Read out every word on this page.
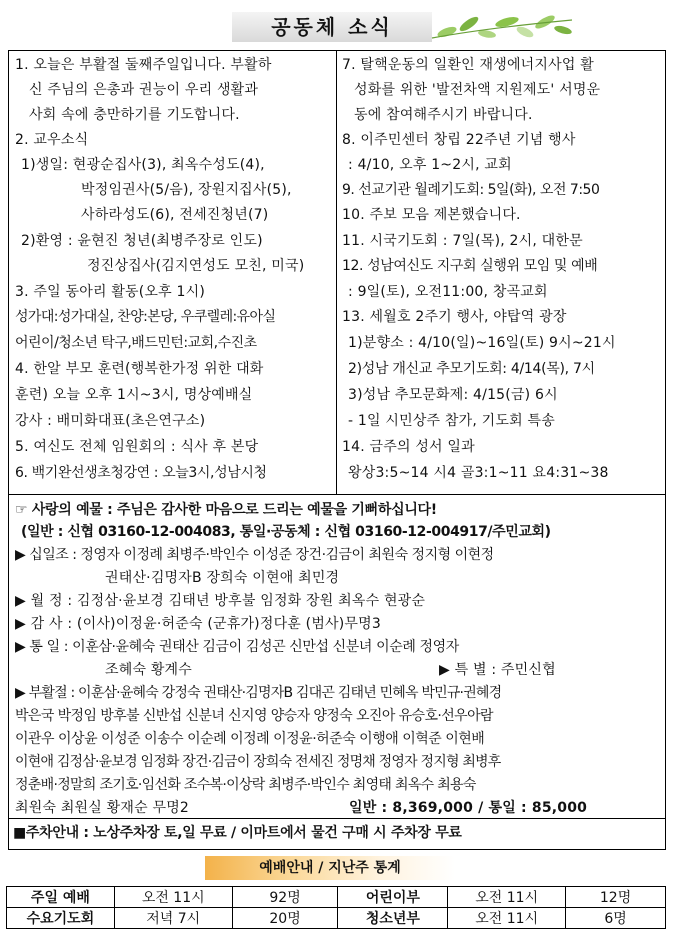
공동체 소식
1. 오늘은 부활절 둘째주일입니다. 부활하
신 주님의 은총과 권능이 우리 생활과
사회 속에 충만하기를 기도합니다.
2. 교우소식
1)생일: 현광순집사(3), 최옥수성도(4),
박정임권사(5/음), 장원지집사(5),
사하라성도(6), 전세진청년(7)
2)환영 : 윤현진 청년(최병주장로 인도)
정진상집사(김지연성도 모친, 미국)
3. 주일 동아리 활동(오후 1시)
성가대:성가대실, 찬양:본당, 우쿠렐레:유아실
어린이/청소년 탁구,배드민턴:교회,수진초
4. 한알 부모 훈련(행복한가정 위한 대화
훈련) 오늘 오후 1시~3시, 명상예배실
강사 : 배미화대표(초은연구소)
5. 여신도 전체 임원회의 : 식사 후 본당
6. 백기완선생초청강연 : 오늘3시,성남시청
7. 탈핵운동의 일환인 재생에너지사업 활
성화를 위한 '발전차액 지원제도' 서명운
동에 참여해주시기 바랍니다.
8. 이주민센터 창립 22주년 기념 행사
: 4/10, 오후 1~2시, 교회
9. 선교기관 월례기도회: 5일(화), 오전 7:50
10. 주보 모음 제본했습니다.
11. 시국기도회 : 7일(목), 2시, 대한문
12. 성남여신도 지구회 실행위 모임 및 예배
: 9일(토), 오전11:00, 창곡교회
13. 세월호 2주기 행사, 야탑역 광장
1)분향소 : 4/10(일)~16일(토) 9시~21시
2)성남 개신교 추모기도회: 4/14(목), 7시
3)성남 추모문화제: 4/15(금) 6시
- 1일 시민상주 참가, 기도회 특송
14. 금주의 성서 일과
왕상3:5~14 시4 골3:1~11 요4:31~38
☞ 사랑의 예물 : 주님은 감사한 마음으로 드리는 예물을 기뻐하십니다!
(일반 : 신협 03160-12-004083, 통일·공동체 : 신협 03160-12-004917/주민교회)
▶ 십일조 : 정영자 이정례 최병주·박인수 이성준 장건·김금이 최원숙 정지형 이현정
권태산·김명자B 장희숙 이현애 최민경
▶ 월 정 : 김정삼·윤보경 김태년 방후불 임정화 장원 최옥수 현광순
▶ 감 사 : (이사)이정윤·허준숙 (군휴가)정다훈 (범사)무명3
▶ 통 일 : 이훈삼·윤혜숙 권태산 김금이 김성곤 신만섭 신분녀 이순례 정영자
조혜숙 황계수	▶ 특 별 : 주민신협
▶ 부활절 : 이훈삼·윤혜숙 강정숙 권태산·김명자B 김대곤 김태년 민혜옥 박민규·권혜경
박은국 박정임 방후불 신반섭 신분녀 신지영 양승자 양정숙 오진아 유승호·선우아람
이관우 이상윤 이성준 이송수 이순례 이정례 이정윤·허준숙 이행애 이혁준 이현배
이현애 김정삼·윤보경 임정화 장건·김금이 장희숙 전세진 정명채 정영자 정지형 최병후
정춘배·정말희 조기호·임선화 조수복·이상락 최병주·박인수 최영태 최옥수 최용숙
최원숙 최원실 황재순 무명2	일반 : 8,369,000 / 통일 : 85,000
■주차안내 : 노상주차장 토,일 무료 / 이마트에서 물건 구매 시 주차장 무료
예배안내 / 지난주 통계
주일 예배	오전 11시	92명	어린이부	오전 11시	12명
수요기도회	저녁 7시	20명	청소년부	오전 11시	6명
